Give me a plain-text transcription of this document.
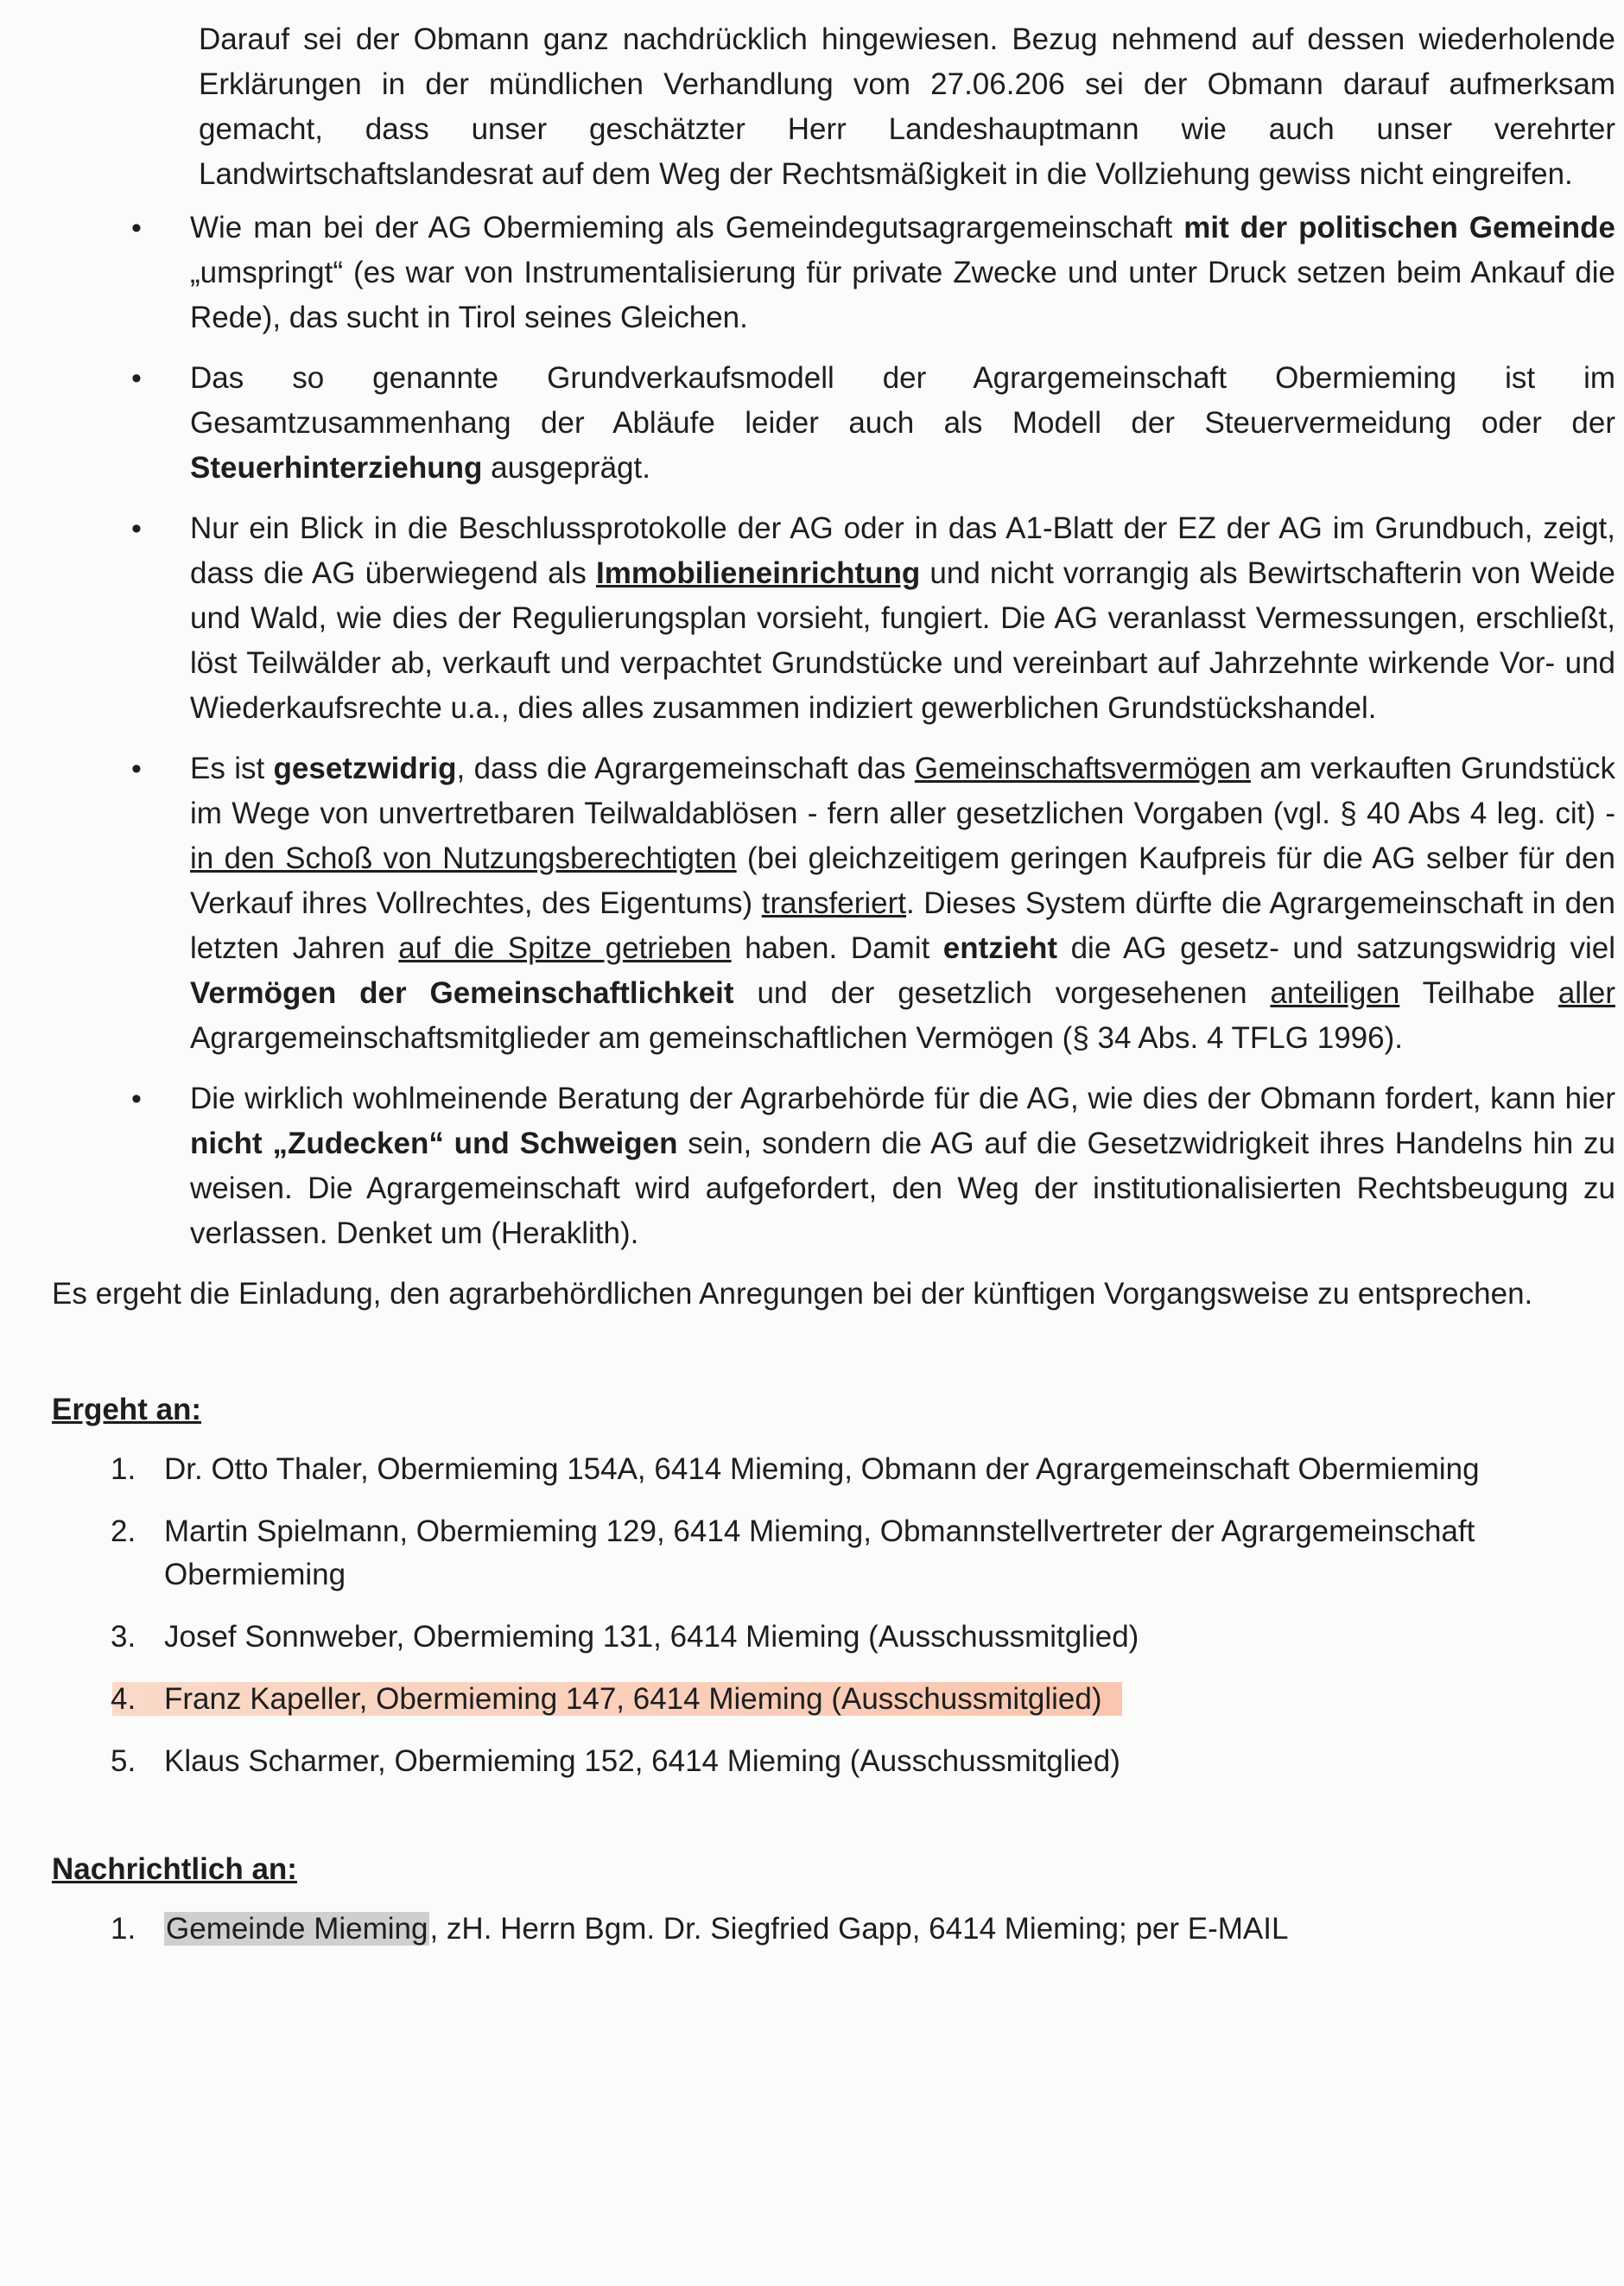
Darauf sei der Obmann ganz nachdrücklich hingewiesen. Bezug nehmend auf dessen wiederholende Erklärungen in der mündlichen Verhandlung vom 27.06.206 sei der Obmann darauf aufmerksam gemacht, dass unser geschätzter Herr Landeshauptmann wie auch unser verehrter Landwirtschaftslandesrat auf dem Weg der Rechtsmäßigkeit in die Vollziehung gewiss nicht eingreifen.
• Wie man bei der AG Obermieming als Gemeindegutsagrargemeinschaft mit der politischen Gemeinde „umspringt“ (es war von Instrumentalisierung für private Zwecke und unter Druck setzen beim Ankauf die Rede), das sucht in Tirol seines Gleichen.
• Das so genannte Grundverkaufsmodell der Agrargemeinschaft Obermieming ist im Gesamtzusammenhang der Abläufe leider auch als Modell der Steuervermeidung oder der Steuerhinterziehung ausgeprägt.
• Nur ein Blick in die Beschlussprotokolle der AG oder in das A1-Blatt der EZ der AG im Grundbuch, zeigt, dass die AG überwiegend als Immobilieneinrichtung und nicht vorrangig als Bewirtschafterin von Weide und Wald, wie dies der Regulierungsplan vorsieht, fungiert. Die AG veranlasst Vermessungen, erschließt, löst Teilwälder ab, verkauft und verpachtet Grundstücke und vereinbart auf Jahrzehnte wirkende Vor- und Wiederkaufsrechte u.a., dies alles zusammen indiziert gewerblichen Grundstückshandel.
• Es ist gesetzwidrig, dass die Agrargemeinschaft das Gemeinschaftsvermögen am verkauften Grundstück im Wege von unvertretbaren Teilwaldablösen - fern aller gesetzlichen Vorgaben (vgl. § 40 Abs 4 leg. cit) - in den Schoß von Nutzungsberechtigten (bei gleichzeitigem geringen Kaufpreis für die AG selber für den Verkauf ihres Vollrechtes, des Eigentums) transferiert. Dieses System dürfte die Agrargemeinschaft in den letzten Jahren auf die Spitze getrieben haben. Damit entzieht die AG gesetz- und satzungswidrig viel Vermögen der Gemeinschaftlichkeit und der gesetzlich vorgesehenen anteiligen Teilhabe aller Agrargemeinschaftsmitglieder am gemeinschaftlichen Vermögen (§ 34 Abs. 4 TFLG 1996).
• Die wirklich wohlmeinende Beratung der Agrarbehörde für die AG, wie dies der Obmann fordert, kann hier nicht „Zudecken“ und Schweigen sein, sondern die AG auf die Gesetzwidrigkeit ihres Handelns hin zu weisen. Die Agrargemeinschaft wird aufgefordert, den Weg der institutionalisierten Rechtsbeugung zu verlassen. Denket um (Heraklith).
Es ergeht die Einladung, den agrarbehördlichen Anregungen bei der künftigen Vorgangsweise zu entsprechen.
Ergeht an:
1. Dr. Otto Thaler, Obermieming 154A, 6414 Mieming, Obmann der Agrargemeinschaft Obermieming
2. Martin Spielmann, Obermieming 129, 6414 Mieming, Obmannstellvertreter der Agrargemeinschaft Obermieming
3. Josef Sonnweber, Obermieming 131, 6414 Mieming (Ausschussmitglied)
4. Franz Kapeller, Obermieming 147, 6414 Mieming (Ausschussmitglied)
5. Klaus Scharmer, Obermieming 152, 6414 Mieming (Ausschussmitglied)
Nachrichtlich an:
1. Gemeinde Mieming, zH. Herrn Bgm. Dr. Siegfried Gapp, 6414 Mieming; per E-MAIL
